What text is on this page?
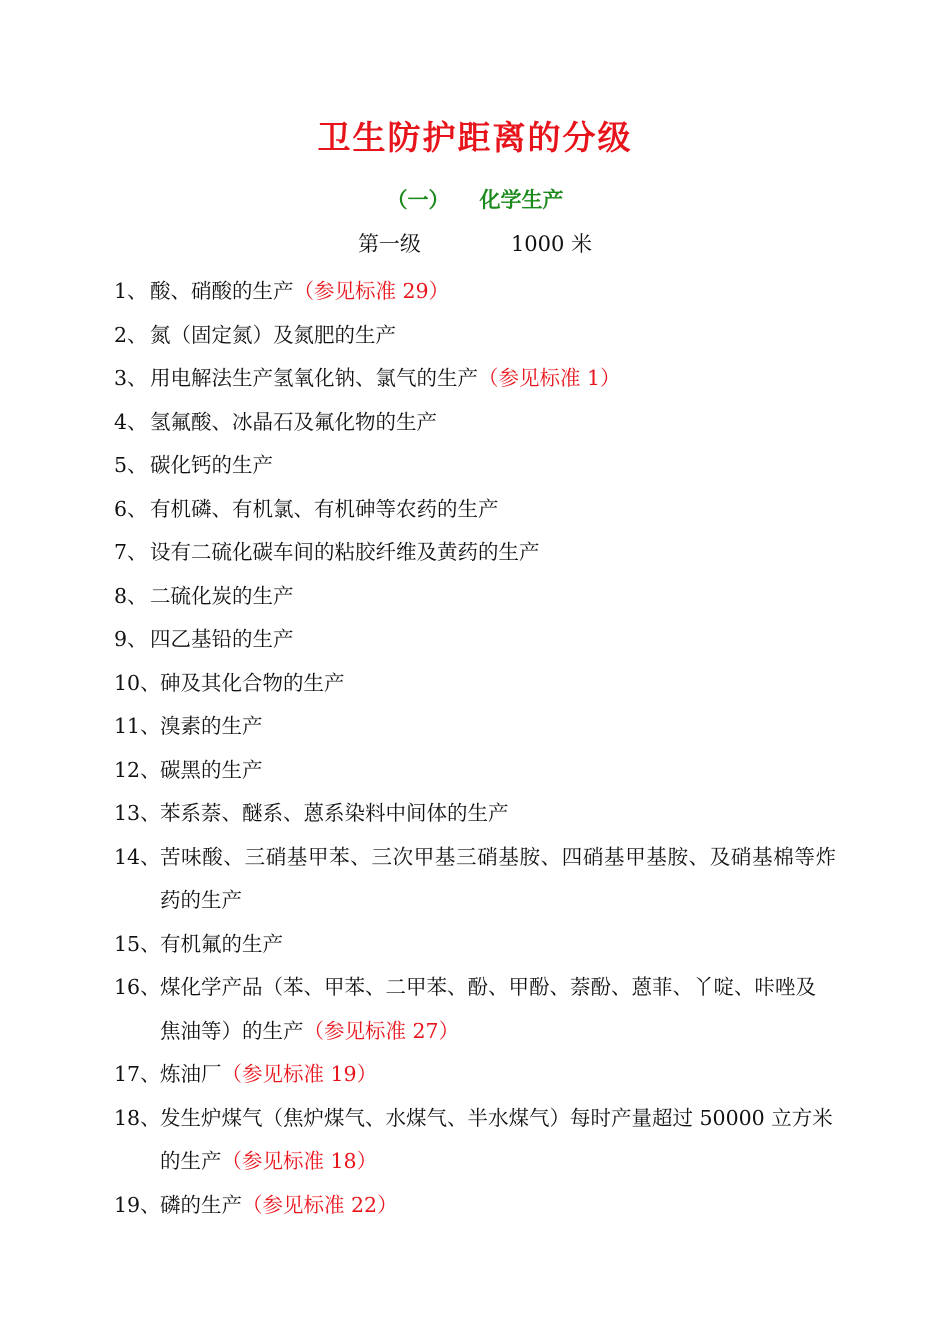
卫生防护距离的分级
（一） 化学生产
第一级	1000 米
1、 酸、硝酸的生产（参见标准 29）
2、 氮（固定氮）及氮肥的生产
3、 用电解法生产氢氧化钠、氯气的生产（参见标准 1）
4、 氢氟酸、冰晶石及氟化物的生产
5、 碳化钙的生产
6、 有机磷、有机氯、有机砷等农药的生产
7、 设有二硫化碳车间的粘胶纤维及黄药的生产
8、 二硫化炭的生产
9、 四乙基铅的生产
10、 砷及其化合物的生产
11、 溴素的生产
12、 碳黑的生产
13、 苯系萘、醚系、蒽系染料中间体的生产
14、 苦味酸、三硝基甲苯、三次甲基三硝基胺、四硝基甲基胺、及硝基棉等炸药的生产
15、 有机氟的生产
16、 煤化学产品（苯、甲苯、二甲苯、酚、甲酚、萘酚、蒽菲、丫啶、咔唑及焦油等）的生产（参见标准 27）
17、 炼油厂（参见标准 19）
18、 发生炉煤气（焦炉煤气、水煤气、半水煤气）每时产量超过 50000 立方米的生产（参见标准 18）
19、 磷的生产（参见标准 22）
